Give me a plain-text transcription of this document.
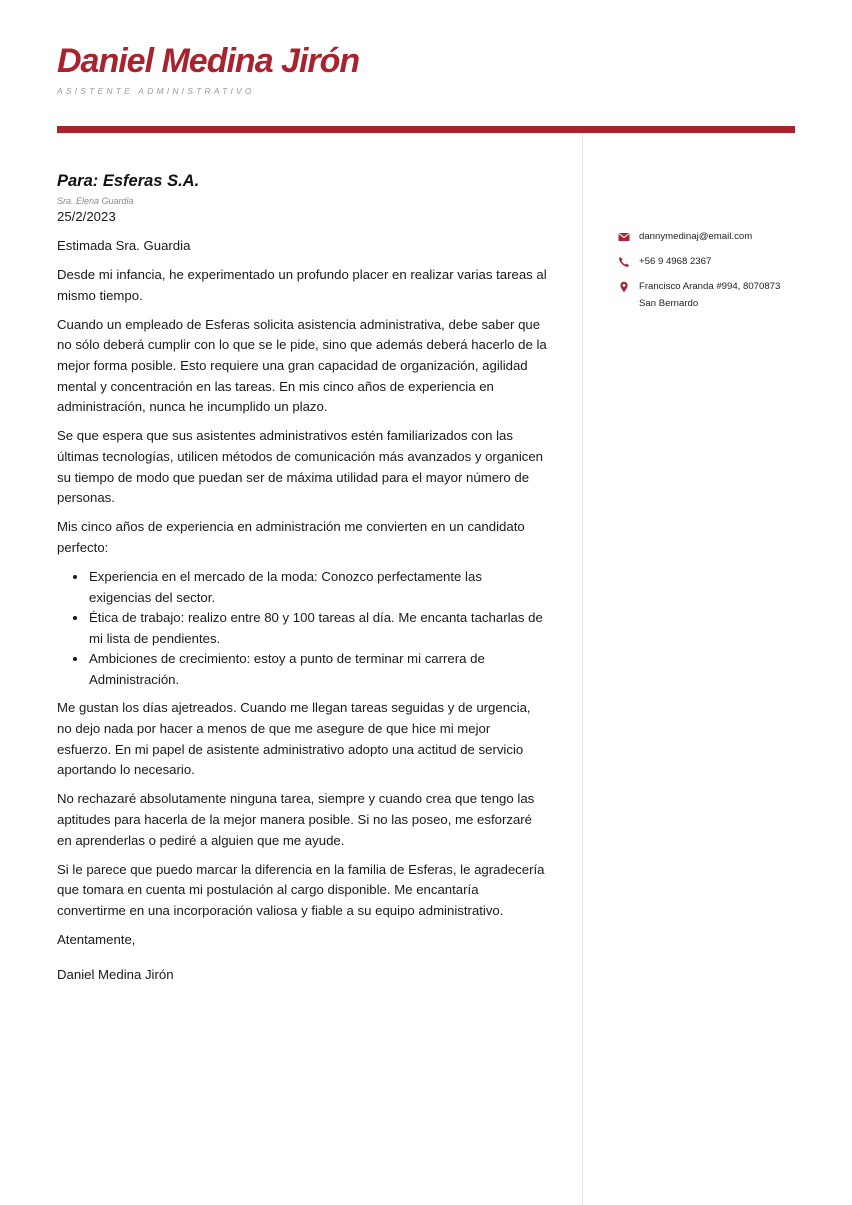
Daniel Medina Jirón
ASISTENTE ADMINISTRATIVO
Para: Esferas S.A.
Sra. Elena Guardia
25/2/2023
Estimada Sra. Guardia
Desde mi infancia, he experimentado un profundo placer en realizar varias tareas al mismo tiempo.
Cuando un empleado de Esferas solicita asistencia administrativa, debe saber que no sólo deberá cumplir con lo que se le pide, sino que además deberá hacerlo de la mejor forma posible. Esto requiere una gran capacidad de organización, agilidad mental y concentración en las tareas. En mis cinco años de experiencia en administración, nunca he incumplido un plazo.
Se que espera que sus asistentes administrativos estén familiarizados con las últimas tecnologías, utilicen métodos de comunicación más avanzados y organicen su tiempo de modo que puedan ser de máxima utilidad para el mayor número de personas.
Mis cinco años de experiencia en administración me convierten en un candidato perfecto:
• Experiencia en el mercado de la moda: Conozco perfectamente las exigencias del sector.
• Ética de trabajo: realizo entre 80 y 100 tareas al día. Me encanta tacharlas de mi lista de pendientes.
• Ambiciones de crecimiento: estoy a punto de terminar mi carrera de Administración.
Me gustan los días ajetreados. Cuando me llegan tareas seguidas y de urgencia, no dejo nada por hacer a menos de que me asegure de que hice mi mejor esfuerzo. En mi papel de asistente administrativo adopto una actitud de servicio aportando lo necesario.
No rechazaré absolutamente ninguna tarea, siempre y cuando crea que tengo las aptitudes para hacerla de la mejor manera posible. Si no las poseo, me esforzaré en aprenderlas o pediré a alguien que me ayude.
Si le parece que puedo marcar la diferencia en la familia de Esferas, le agradecería que tomara en cuenta mi postulación al cargo disponible. Me encantaría convertirme en una incorporación valiosa y fiable a su equipo administrativo.
Atentamente,
Daniel Medina Jirón
dannymedinaj@email.com
+56 9 4968 2367
Francisco Aranda #994, 8070873
San Bernardo
